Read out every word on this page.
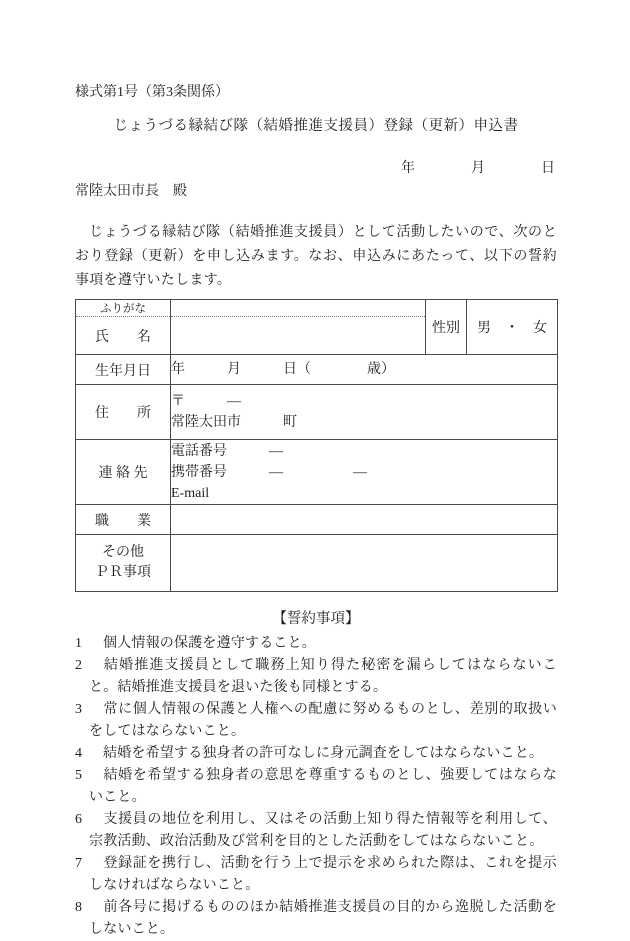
様式第1号（第3条関係）
じょうづる縁結び隊（結婚推進支援員）登録（更新）申込書
年　　　　月　　　　日
常陸太田市長　殿

じょうづる縁結び隊（結婚推進支援員）として活動したいので、次のとおり登録（更新）を申し込みます。なお、申込みにあたって、以下の誓約事項を遵守いたします。

ふりがな		性別	男　・　女
氏　　名			
生年月日	年　　　月　　　日（　　　　歳）		
住　　所	〒　　　―
常陸太田市　　　町		

連 絡 先	電話番号　　　―
携帯番号　　　―　　　　　―
E-mail		

職　　業			

その他
ＰＲ事項			

【誓約事項】
1 個人情報の保護を遵守すること。
2 結婚推進支援員として職務上知り得た秘密を漏らしてはならないこと。結婚推進支援員を退いた後も同様とする。
3 常に個人情報の保護と人権への配慮に努めるものとし、差別的取扱いをしてはならないこと。
4 結婚を希望する独身者の許可なしに身元調査をしてはならないこと。
5 結婚を希望する独身者の意思を尊重するものとし、強要してはならないこと。
6 支援員の地位を利用し、又はその活動上知り得た情報等を利用して、宗教活動、政治活動及び営利を目的とした活動をしてはならないこと。
7 登録証を携行し、活動を行う上で提示を求められた際は、これを提示しなければならないこと。
8 前各号に掲げるもののほか結婚推進支援員の目的から逸脱した活動をしないこと。
